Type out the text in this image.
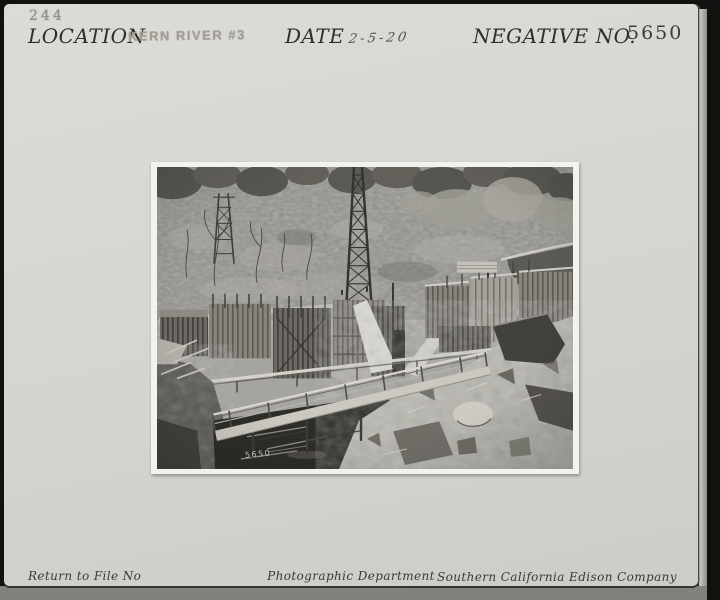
244
LOCATION
KERN RIVER #3 DATE 2-5-20	NEGATIVE NO.
5650
Return to File No	Photographic Department Southern California Edison Company
